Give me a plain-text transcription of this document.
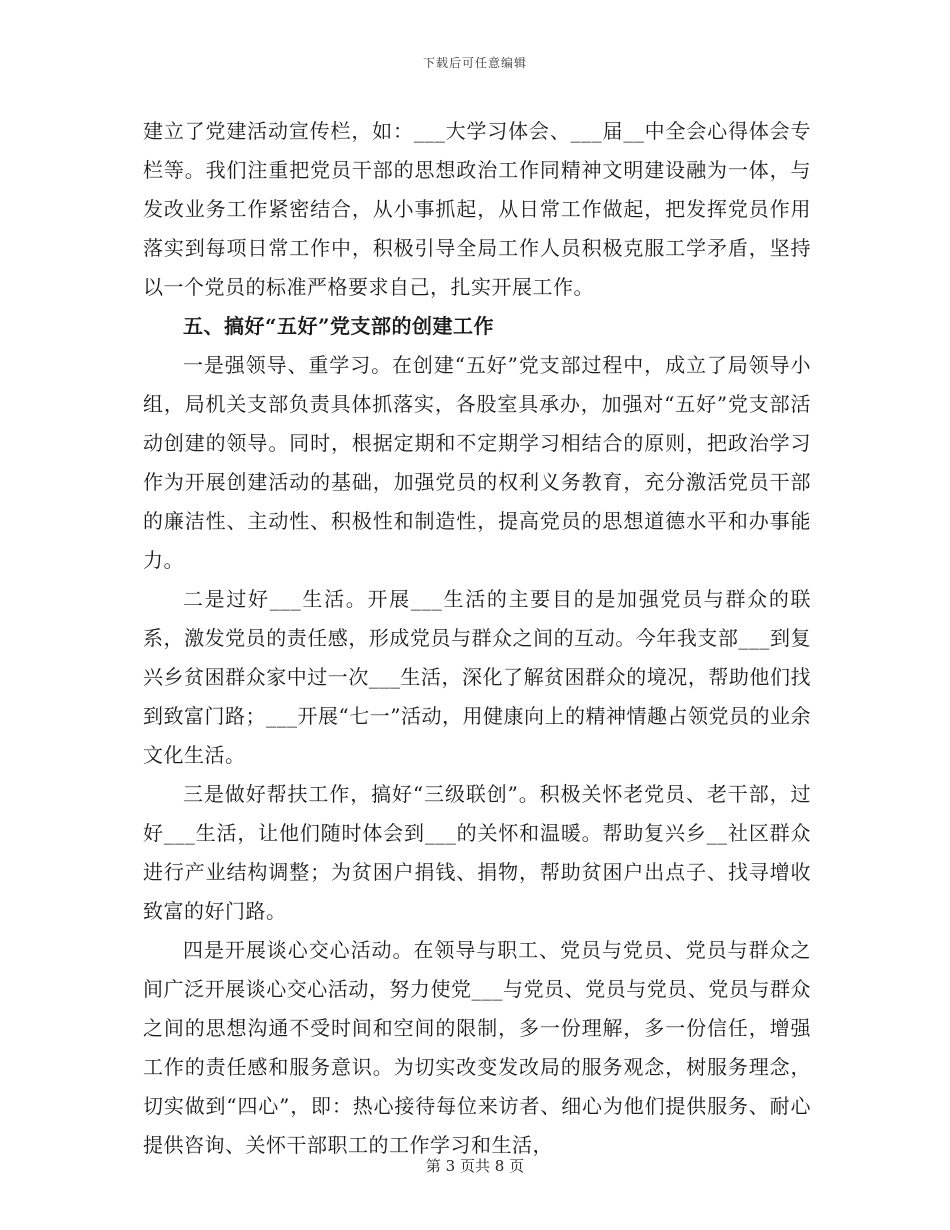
下载后可任意编辑

建立了党建活动宣传栏，如：___大学习体会、___届__中全会心得体会专栏等。我们注重把党员干部的思想政治工作同精神文明建设融为一体，与发改业务工作紧密结合，从小事抓起，从日常工作做起，把发挥党员作用落实到每项日常工作中，积极引导全局工作人员积极克服工学矛盾，坚持以一个党员的标准严格要求自己，扎实开展工作。

五、搞好“五好”党支部的创建工作

一是强领导、重学习。在创建“五好”党支部过程中，成立了局领导小组，局机关支部负责具体抓落实，各股室具承办，加强对“五好”党支部活动创建的领导。同时，根据定期和不定期学习相结合的原则，把政治学习作为开展创建活动的基础，加强党员的权利义务教育，充分激活党员干部的廉洁性、主动性、积极性和制造性，提高党员的思想道德水平和办事能力。

二是过好___生活。开展___生活的主要目的是加强党员与群众的联系，激发党员的责任感，形成党员与群众之间的互动。今年我支部___到复兴乡贫困群众家中过一次___生活，深化了解贫困群众的境况，帮助他们找到致富门路；___开展“七一”活动，用健康向上的精神情趣占领党员的业余文化生活。

三是做好帮扶工作，搞好“三级联创”。积极关怀老党员、老干部，过好___生活，让他们随时体会到___的关怀和温暖。帮助复兴乡__社区群众进行产业结构调整；为贫困户捐钱、捐物，帮助贫困户出点子、找寻增收致富的好门路。

四是开展谈心交心活动。在领导与职工、党员与党员、党员与群众之间广泛开展谈心交心活动，努力使党___与党员、党员与党员、党员与群众之间的思想沟通不受时间和空间的限制，多一份理解，多一份信任，增强工作的责任感和服务意识。为切实改变发改局的服务观念，树服务理念，切实做到“四心”，即：热心接待每位来访者、细心为他们提供服务、耐心提供咨询、关怀干部职工的工作学习和生活，

第 3 页共 8 页
